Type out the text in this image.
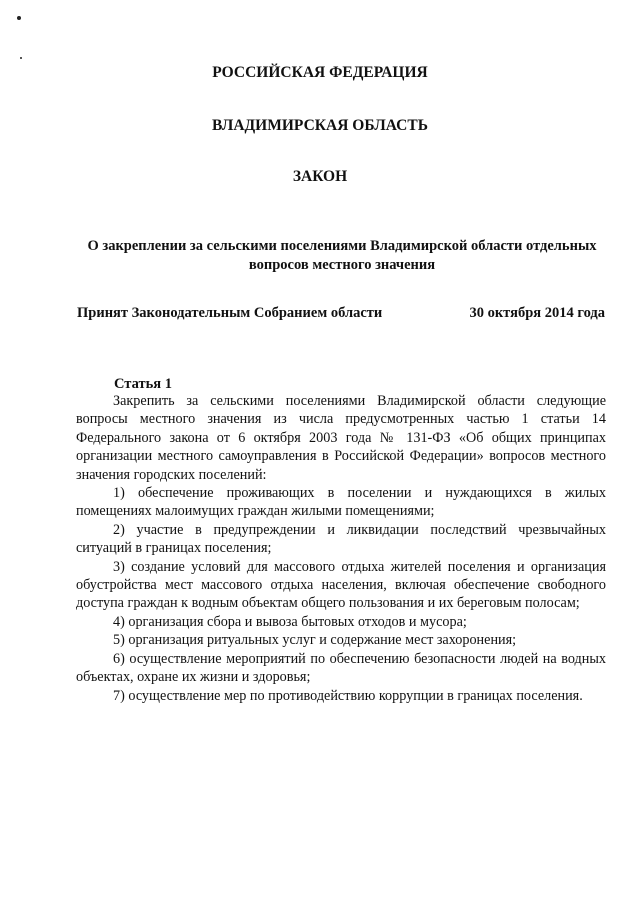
РОССИЙСКАЯ ФЕДЕРАЦИЯ
ВЛАДИМИРСКАЯ ОБЛАСТЬ
ЗАКОН
О закреплении за сельскими поселениями Владимирской области отдельных
вопросов местного значения
Принят Законодательным Собранием области	30 октября 2014 года
Статья 1

Закрепить за сельскими поселениями Владимирской области следующие вопросы местного значения из числа предусмотренных частью 1 статьи 14 Федерального закона от 6 октября 2003 года № 131-ФЗ «Об общих принципах организации местного самоуправления в Российской Федерации» вопросов местного значения городских поселений:

1) обеспечение проживающих в поселении и нуждающихся в жилых помещениях малоимущих граждан жилыми помещениями;

2) участие в предупреждении и ликвидации последствий чрезвычайных ситуаций в границах поселения;

3) создание условий для массового отдыха жителей поселения и организация обустройства мест массового отдыха населения, включая обеспечение свободного доступа граждан к водным объектам общего пользования и их береговым полосам;

4) организация сбора и вывоза бытовых отходов и мусора;

5) организация ритуальных услуг и содержание мест захоронения;

6) осуществление мероприятий по обеспечению безопасности людей на водных объектах, охране их жизни и здоровья;

7) осуществление мер по противодействию коррупции в границах поселения.
